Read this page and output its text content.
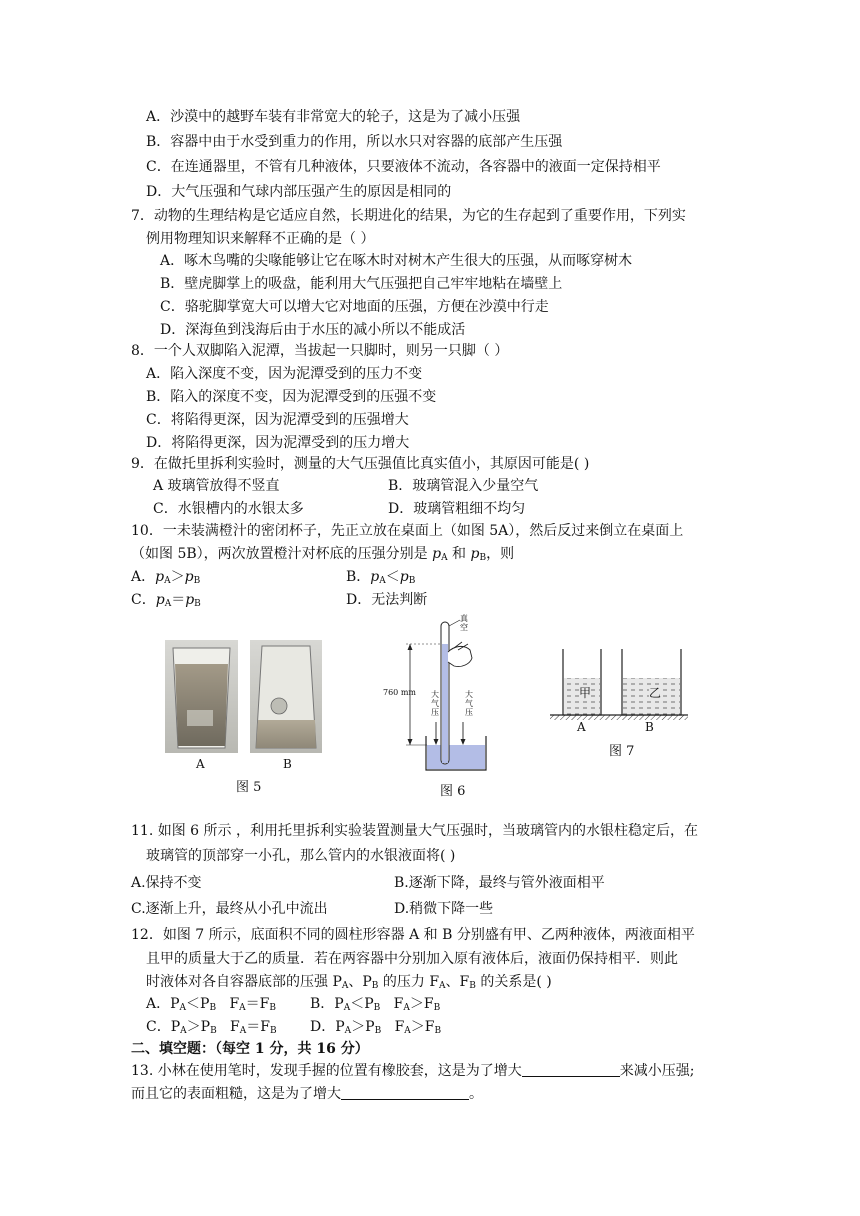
A．沙漠中的越野车装有非常宽大的轮子，这是为了减小压强
B．容器中由于水受到重力的作用，所以水只对容器的底部产生压强
C．在连通器里，不管有几种液体，只要液体不流动，各容器中的液面一定保持相平
D．大气压强和气球内部压强产生的原因是相同的
7．动物的生理结构是它适应自然，长期进化的结果，为它的生存起到了重要作用，下列实
例用物理知识来解释不正确的是（ ）
A．啄木鸟嘴的尖喙能够让它在啄木时对树木产生很大的压强，从而啄穿树木
B．壁虎脚掌上的吸盘，能利用大气压强把自己牢牢地粘在墙壁上
C．骆驼脚掌宽大可以增大它对地面的压强，方便在沙漠中行走
D．深海鱼到浅海后由于水压的减小所以不能成活
8．一个人双脚陷入泥潭，当拔起一只脚时，则另一只脚（ ）
A．陷入深度不变，因为泥潭受到的压力不变
B．陷入的深度不变，因为泥潭受到的压强不变
C．将陷得更深，因为泥潭受到的压强增大
D．将陷得更深，因为泥潭受到的压力增大
9．在做托里拆利实验时，测量的大气压强值比真实值小，其原因可能是( )
A 玻璃管放得不竖直	B．玻璃管混入少量空气
C．水银槽内的水银太多	D．玻璃管粗细不均匀
10．一未装满橙汁的密闭杯子，先正立放在桌面上（如图 5A），然后反过来倒立在桌面上
（如图 5B），两次放置橙汁对杯底的压强分别是 $p_A$ 和 $p_B$，则
A．$p_A>p_B$	B．$p_A<p_B$
C．$p_A=p_B$	D．无法判断
A	B
图 5
真空
760 mm 大气压
大气压
图 6
甲	乙
A	B
图 7
11. 如图 6 所示 ，利用托里拆利实验装置测量大气压强时，当玻璃管内的水银柱稳定后，在
玻璃管的顶部穿一小孔，那么管内的水银液面将( )
A.保持不变	B.逐渐下降，最终与管外液面相平
C.逐渐上升，最终从小孔中流出	D.稍微下降一些
12．如图 7 所示，底面积不同的圆柱形容器 A 和 B 分别盛有甲、乙两种液体，两液面相平
且甲的质量大于乙的质量．若在两容器中分别加入原有液体后，液面仍保持相平．则此
时液体对各自容器底部的压强 $P_A$、$P_B$ 的压力 $F_A$、$F_B$ 的关系是( )
A．$P_A<P_B$ $F_A=F_B$ B．$P_A<P_B$ $F_A>F_B$
C．$P_A>P_B$ $F_A=F_B$ D．$P_A>P_B$ $F_A>F_B$
二、填空题：（每空 1 分，共 16 分）
13. 小林在使用笔时，发现手握的位置有橡胶套，这是为了增大	来减小压强;
而且它的表面粗糙，这是为了增大	。
